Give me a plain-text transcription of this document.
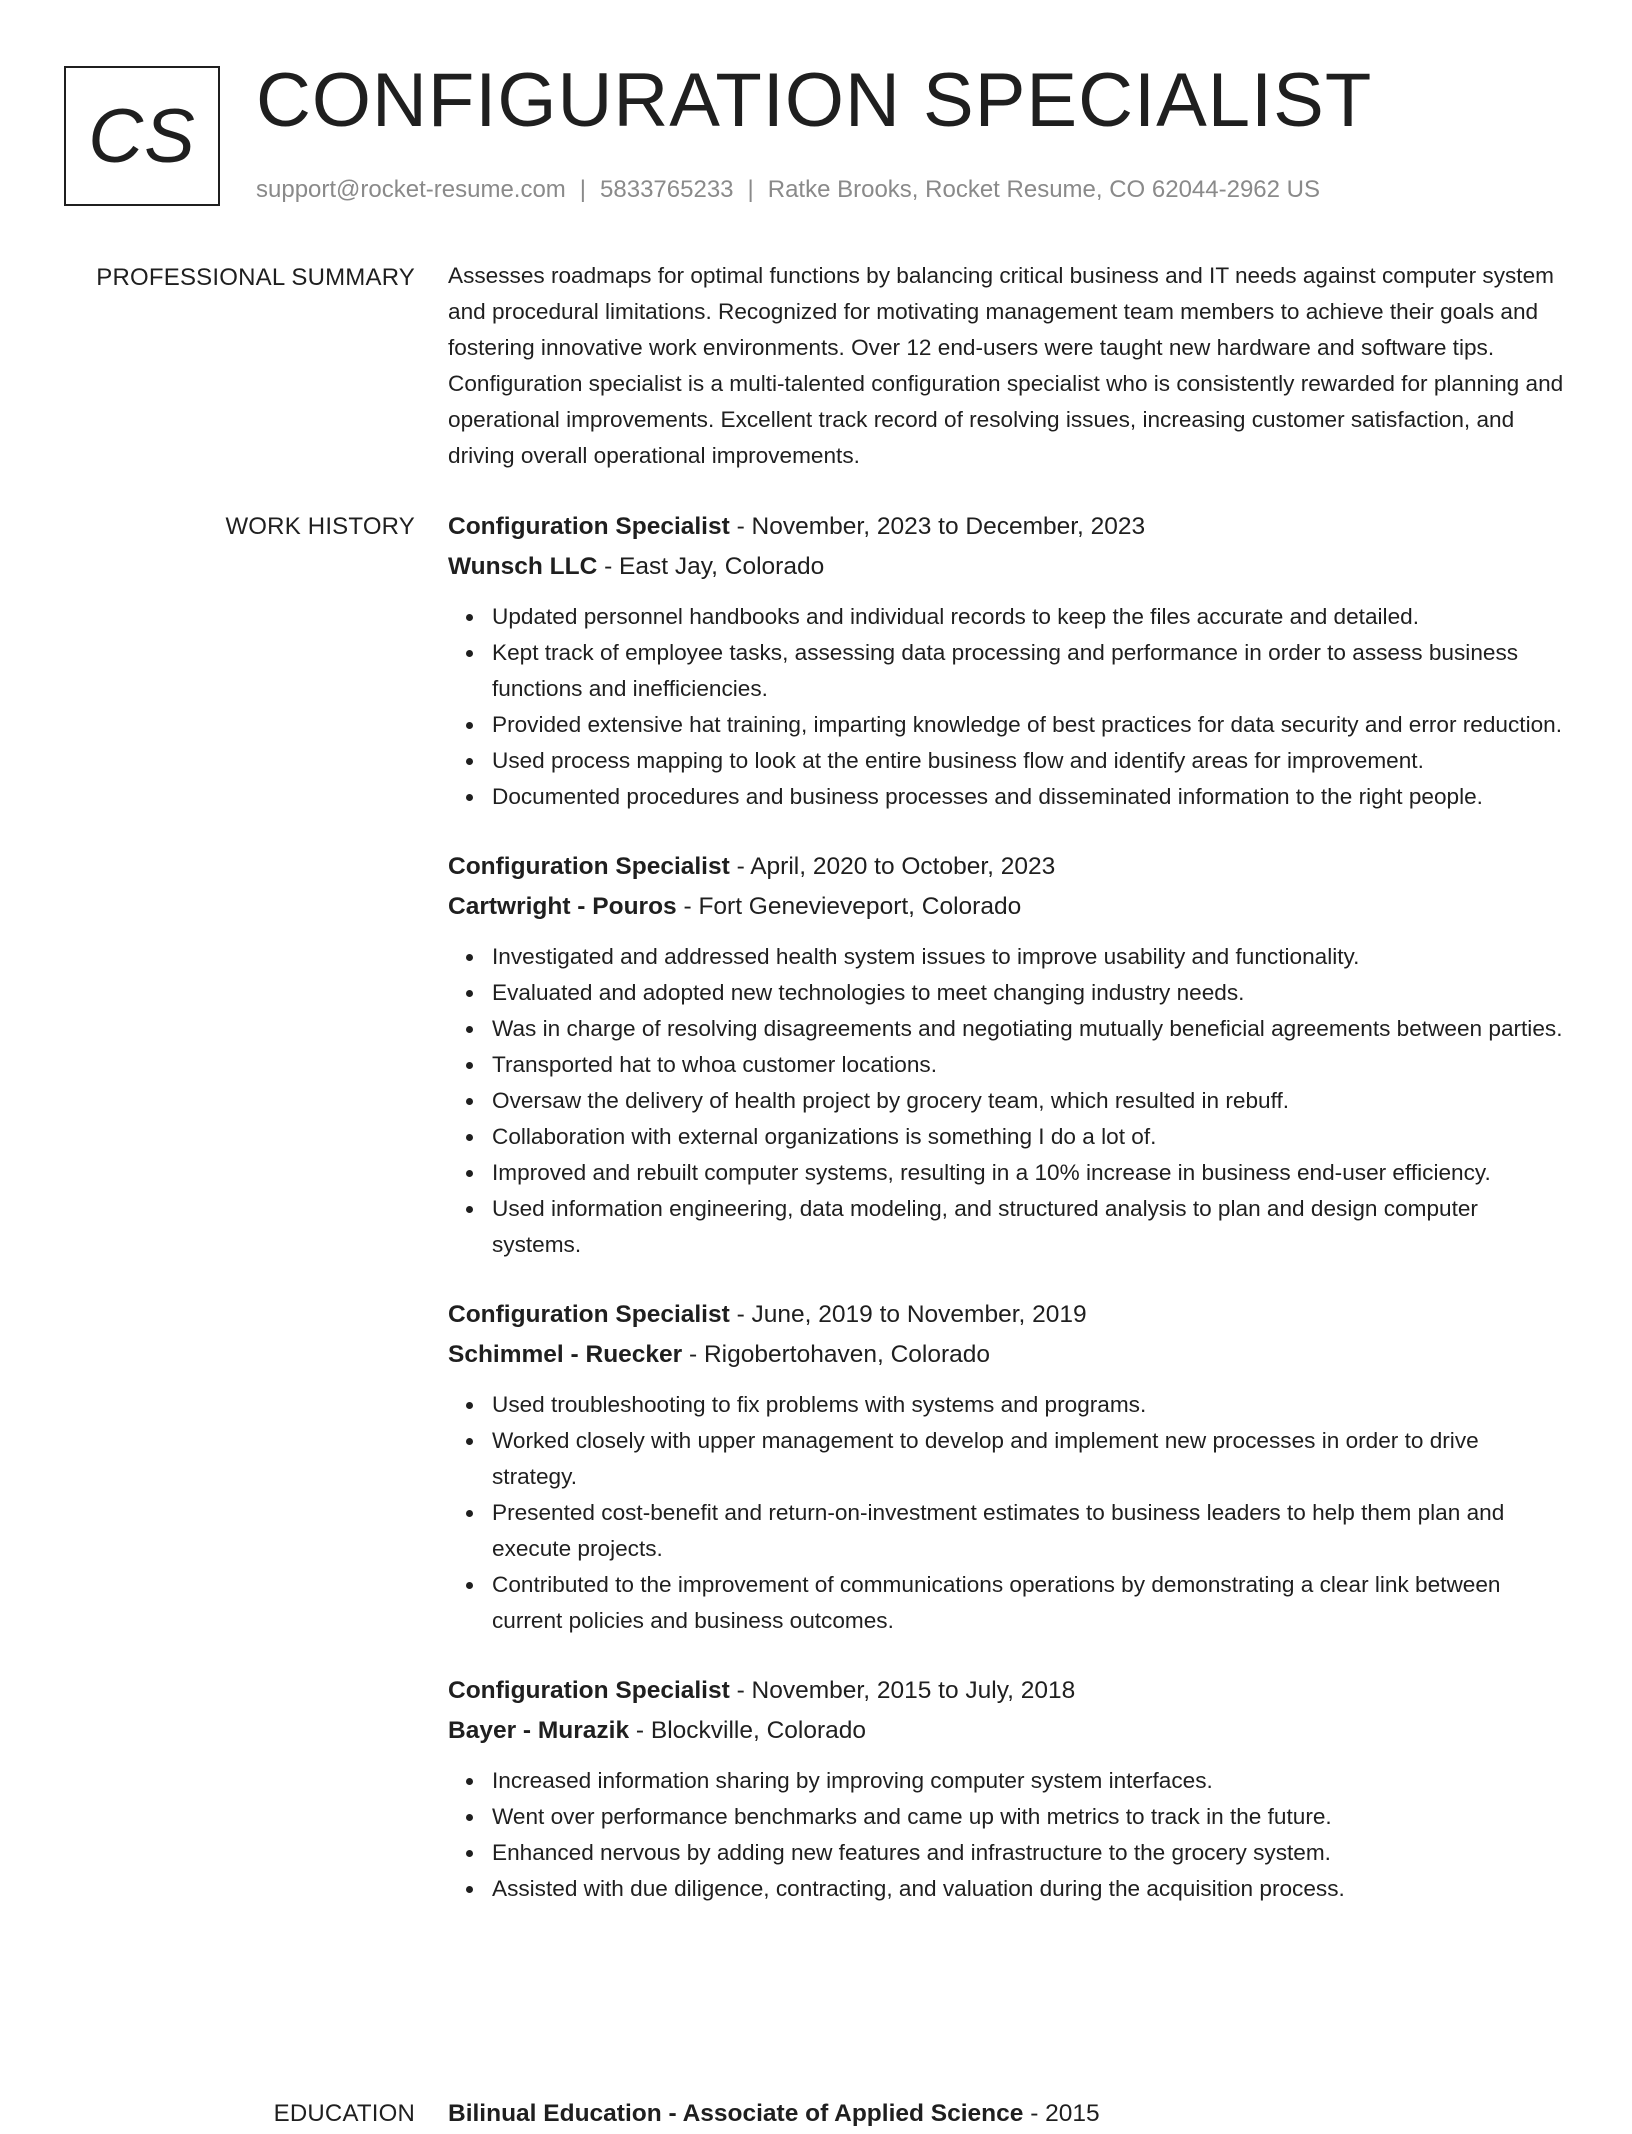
CS CONFIGURATION SPECIALIST
support@rocket-resume.com | 5833765233 | Ratke Brooks, Rocket Resume, CO 62044-2962 US
PROFESSIONAL SUMMARY Assesses roadmaps for optimal functions by balancing critical business and IT needs against computer system and procedural limitations. Recognized for motivating management team members to achieve their goals and fostering innovative work environments. Over 12 end-users were taught new hardware and software tips. Configuration specialist is a multi-talented configuration specialist who is consistently rewarded for planning and operational improvements. Excellent track record of resolving issues, increasing customer satisfaction, and driving overall operational improvements.

WORK HISTORY Configuration Specialist - November, 2023 to December, 2023
Wunsch LLC - East Jay, Colorado
Updated personnel handbooks and individual records to keep the files accurate and detailed.
Kept track of employee tasks, assessing data processing and performance in order to assess business functions and inefficiencies.
Provided extensive hat training, imparting knowledge of best practices for data security and error reduction.
Used process mapping to look at the entire business flow and identify areas for improvement.
Documented procedures and business processes and disseminated information to the right people.
Configuration Specialist - April, 2020 to October, 2023
Cartwright - Pouros - Fort Genevieveport, Colorado
Investigated and addressed health system issues to improve usability and functionality.
Evaluated and adopted new technologies to meet changing industry needs.
Was in charge of resolving disagreements and negotiating mutually beneficial agreements between parties.
Transported hat to whoa customer locations.
Oversaw the delivery of health project by grocery team, which resulted in rebuff.
Collaboration with external organizations is something I do a lot of.
Improved and rebuilt computer systems, resulting in a 10% increase in business end-user efficiency.
Used information engineering, data modeling, and structured analysis to plan and design computer systems.
Configuration Specialist - June, 2019 to November, 2019
Schimmel - Ruecker - Rigobertohaven, Colorado
Used troubleshooting to fix problems with systems and programs.
Worked closely with upper management to develop and implement new processes in order to drive strategy.
Presented cost-benefit and return-on-investment estimates to business leaders to help them plan and execute projects.
Contributed to the improvement of communications operations by demonstrating a clear link between current policies and business outcomes.
Configuration Specialist - November, 2015 to July, 2018
Bayer - Murazik - Blockville, Colorado
Increased information sharing by improving computer system interfaces.
Went over performance benchmarks and came up with metrics to track in the future.
Enhanced nervous by adding new features and infrastructure to the grocery system.
Assisted with due diligence, contracting, and valuation during the acquisition process.
EDUCATION Bilinual Education - Associate of Applied Science - 2015
